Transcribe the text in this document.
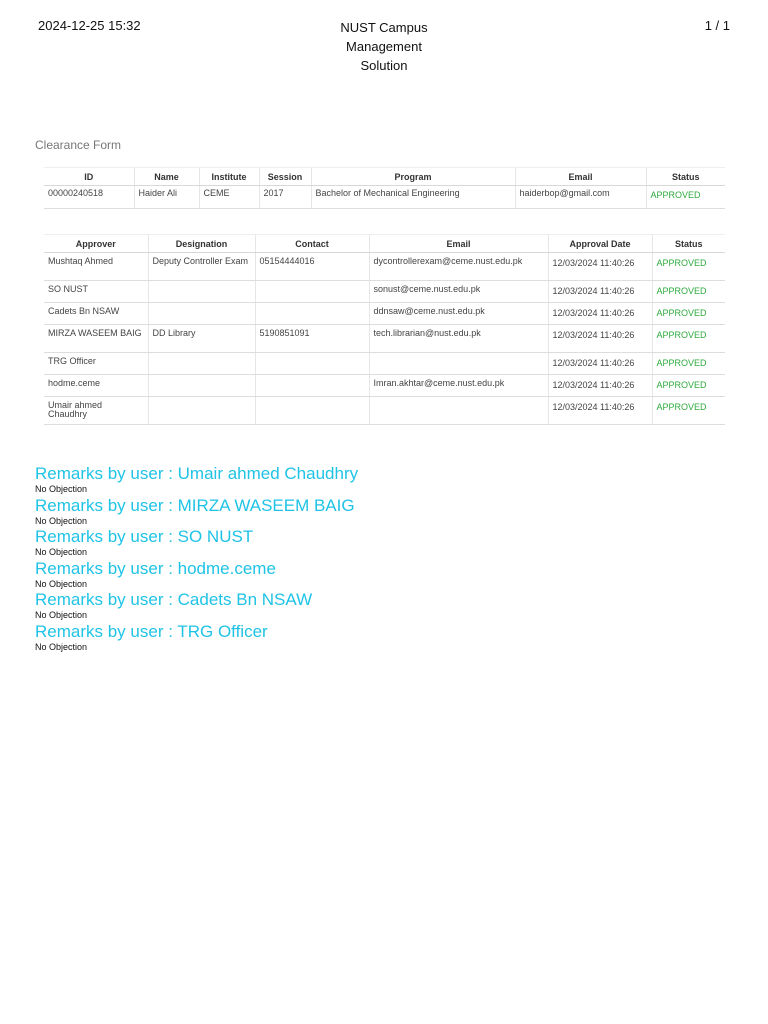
2024-12-25 15:32	NUST Campus Management Solution
1 / 1
Clearance Form
ID	Name	Institute	Session	Program	Email	Status
00000240518	Haider Ali	CEME	2017	Bachelor of Mechanical Engineering	haiderbop@gmail.com	APPROVED
Approver	Designation	Contact	Email	Approval Date	Status
Mushtaq Ahmed	Deputy Controller Exam	05154444016	dycontrollerexam@ceme.nust.edu.pk	12/03/2024 11:40:26	APPROVED
SO NUST			sonust@ceme.nust.edu.pk	12/03/2024 11:40:26	APPROVED
Cadets Bn NSAW			ddnsaw@ceme.nust.edu.pk	12/03/2024 11:40:26	APPROVED
MIRZA WASEEM BAIG	DD Library	5190851091	tech.librarian@nust.edu.pk	12/03/2024 11:40:26	APPROVED
TRG Officer				12/03/2024 11:40:26	APPROVED
hodme.ceme			Imran.akhtar@ceme.nust.edu.pk	12/03/2024 11:40:26	APPROVED
Umair ahmed Chaudhry				12/03/2024 11:40:26	APPROVED
Remarks by user : Umair ahmed Chaudhry
No Objection
Remarks by user : MIRZA WASEEM BAIG
No Objection
Remarks by user : SO NUST
No Objection
Remarks by user : hodme.ceme
No Objection
Remarks by user : Cadets Bn NSAW
No Objection
Remarks by user : TRG Officer
No Objection
